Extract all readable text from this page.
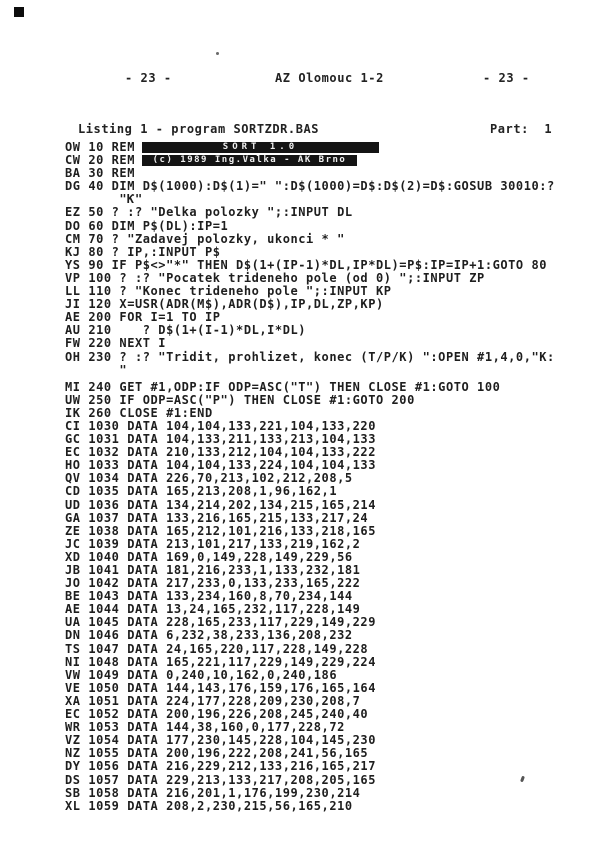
- 23 -	AZ Olomouc 1-2	- 23 -
Listing 1 - program SORTZDR.BAS	Part:  1
OW 10 REM	SORT 1.0
CW 20 REM (c) 1989 Ing.Valka - AK Brno
BA 30 REM
DG 40 DIM D$(1000):D$(1)=" ":D$(1000)=D$:D$(2)=D$:GOSUB 30010:?
"Ƙ"
EZ 50 ? :? "Delka polozky ";:INPUT DL
DO 60 DIM P$(DL):IP=1
CM 70 ? "Zadavej polozky, ukonci * "
KJ 80 ? IP,:INPUT P$
YS 90 IF P$<>"*" THEN D$(1+(IP-1)*DL,IP*DL)=P$:IP=IP+1:GOTO 80
VP 100 ? :? "Pocatek trideneho pole (od 0) ";:INPUT ZP
LL 110 ? "Konec trideneho pole ";:INPUT KP
JI 120 X=USR(ADR(M$),ADR(D$),IP,DL,ZP,KP)
AE 200 FOR I=1 TO IP
AU 210    ? D$(1+(I-1)*DL,I*DL)
FW 220 NEXT I
OH 230 ? :? "Tridit, prohlizet, konec (T/P/K) ":OPEN #1,4,0,"K:
"
MI 240 GET #1,ODP:IF ODP=ASC("T") THEN CLOSE #1:GOTO 100
UW 250 IF ODP=ASC("P") THEN CLOSE #1:GOTO 200
IK 260 CLOSE #1:END
CI 1030 DATA 104,104,133,221,104,133,220
GC 1031 DATA 104,133,211,133,213,104,133
EC 1032 DATA 210,133,212,104,104,133,222
HO 1033 DATA 104,104,133,224,104,104,133
QV 1034 DATA 226,70,213,102,212,208,5
CD 1035 DATA 165,213,208,1,96,162,1
UD 1036 DATA 134,214,202,134,215,165,214
GA 1037 DATA 133,216,165,215,133,217,24
ZE 1038 DATA 165,212,101,216,133,218,165
JC 1039 DATA 213,101,217,133,219,162,2
XD 1040 DATA 169,0,149,228,149,229,56
JB 1041 DATA 181,216,233,1,133,232,181
JO 1042 DATA 217,233,0,133,233,165,222
BE 1043 DATA 133,234,160,8,70,234,144
AE 1044 DATA 13,24,165,232,117,228,149
UA 1045 DATA 228,165,233,117,229,149,229
DN 1046 DATA 6,232,38,233,136,208,232
TS 1047 DATA 24,165,220,117,228,149,228
NI 1048 DATA 165,221,117,229,149,229,224
VW 1049 DATA 0,240,10,162,0,240,186
VE 1050 DATA 144,143,176,159,176,165,164
XA 1051 DATA 224,177,228,209,230,208,7
EC 1052 DATA 200,196,226,208,245,240,40
WR 1053 DATA 144,38,160,0,177,228,72
VZ 1054 DATA 177,230,145,228,104,145,230
NZ 1055 DATA 200,196,222,208,241,56,165
DY 1056 DATA 216,229,212,133,216,165,217
DS 1057 DATA 229,213,133,217,208,205,165
SB 1058 DATA 216,201,1,176,199,230,214
XL 1059 DATA 208,2,230,215,56,165,210
